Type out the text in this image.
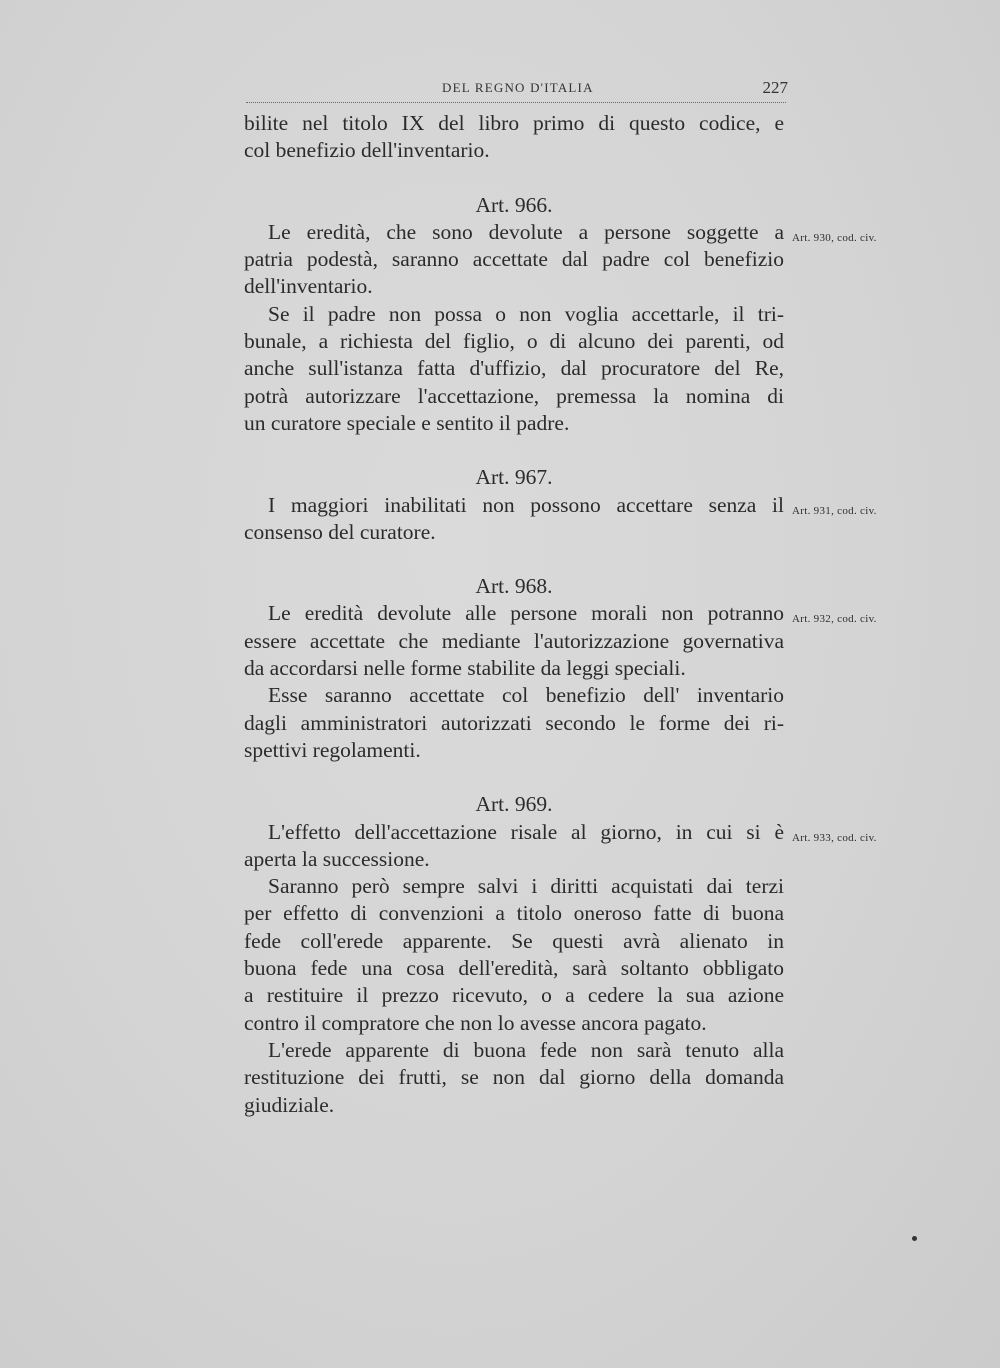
DEL REGNO D'ITALIA	227
bilite nel titolo IX del libro primo di questo codice, e
col benefizio dell'inventario.
Art. 966.
Le eredità, che sono devolute a persone soggette a Art. 930, cod. civ.
patria podestà, saranno accettate dal padre col benefizio
dell'inventario.
Se il padre non possa o non voglia accettarle, il tri-
bunale, a richiesta del figlio, o di alcuno dei parenti, od
anche sull'istanza fatta d'uffizio, dal procuratore del Re,
potrà autorizzare l'accettazione, premessa la nomina di
un curatore speciale e sentito il padre.
Art. 967.
I maggiori inabilitati non possono accettare senza il Art. 931, cod. civ.
consenso del curatore.
Art. 968.
Le eredità devolute alle persone morali non potranno Art. 932, cod. civ.
essere accettate che mediante l'autorizzazione governativa
da accordarsi nelle forme stabilite da leggi speciali.
Esse saranno accettate col benefizio dell' inventario
dagli amministratori autorizzati secondo le forme dei ri-
spettivi regolamenti.
Art. 969.
L'effetto dell'accettazione risale al giorno, in cui si è Art. 933, cod. civ.
aperta la successione.
Saranno però sempre salvi i diritti acquistati dai terzi
per effetto di convenzioni a titolo oneroso fatte di buona
fede coll'erede apparente. Se questi avrà alienato in
buona fede una cosa dell'eredità, sarà soltanto obbligato
a restituire il prezzo ricevuto, o a cedere la sua azione
contro il compratore che non lo avesse ancora pagato.
L'erede apparente di buona fede non sarà tenuto alla
restituzione dei frutti, se non dal giorno della domanda
giudiziale.
